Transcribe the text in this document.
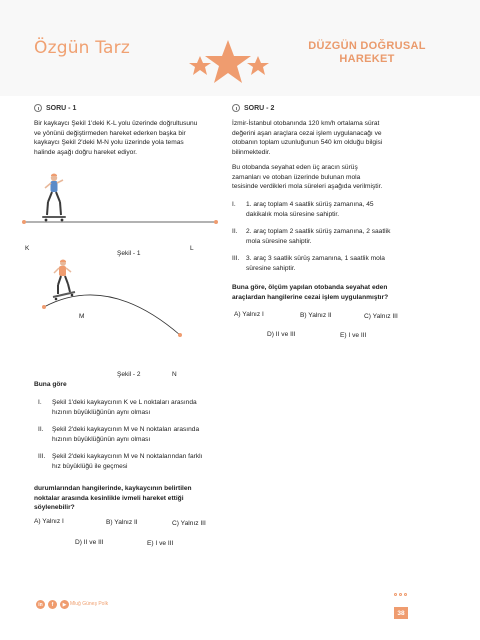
Özgün Tarz	DÜZGÜN DOĞRUSAL
HAREKET
SORU - 1
Bir kaykaycı Şekil 1'deki K-L yolu üzerinde doğrultusunu
ve yönünü değiştirmeden hareket ederken başka bir
kaykaycı Şekil 2'deki M-N yolu üzerinde yola temas
halinde aşağı doğru hareket ediyor.
K
Şekil - 1
L
M
Şekil - 2	N
Buna göre
I.	Şekil 1'deki kaykaycının K ve L noktaları arasında
hızının büyüklüğünün aynı olması
II.	Şekil 2'deki kaykaycının M ve N noktaları arasında
hızının büyüklüğünün aynı olması
III.	Şekil 2'deki kaykaycının M ve N noktalarından farklı
hız büyüklüğü ile geçmesi
durumlarından hangilerinde, kaykaycının belirtilen
noktalar arasında kesinlikle ivmeli hareket ettiği
söylenebilir?
A) Yalnız I	B) Yalnız II	C) Yalnız III
D) II ve III	E) I ve III
SORU - 2
İzmir-İstanbul otobanında 120 km/h ortalama sürat
değerini aşan araçlara cezai işlem uygulanacağı ve
otobanın toplam uzunluğunun 540 km olduğu bilgisi
bilinmektedir.
Bu otobanda seyahat eden üç aracın sürüş
zamanları ve otoban üzerinde bulunan mola
tesisinde verdikleri mola süreleri aşağıda verilmiştir.
I.	1. araç toplam 4 saatlik sürüş zamanına, 45
dakikalık mola süresine sahiptir.
II.	2. araç toplam 2 saatlik sürüş zamanına, 2 saatlik
mola süresine sahiptir.
III.	3. araç 3 saatlik sürüş zamanına, 1 saatlik mola
süresine sahiptir.
Buna göre, ölçüm yapılan otobanda seyahat eden
araçlardan hangilerine cezai işlem uygulanmıştır?
A) Yalnız I	B) Yalnız II	C) Yalnız III
D) II ve III	E) I ve III
in	f	▶ Mluğ Güneş Polk
38
